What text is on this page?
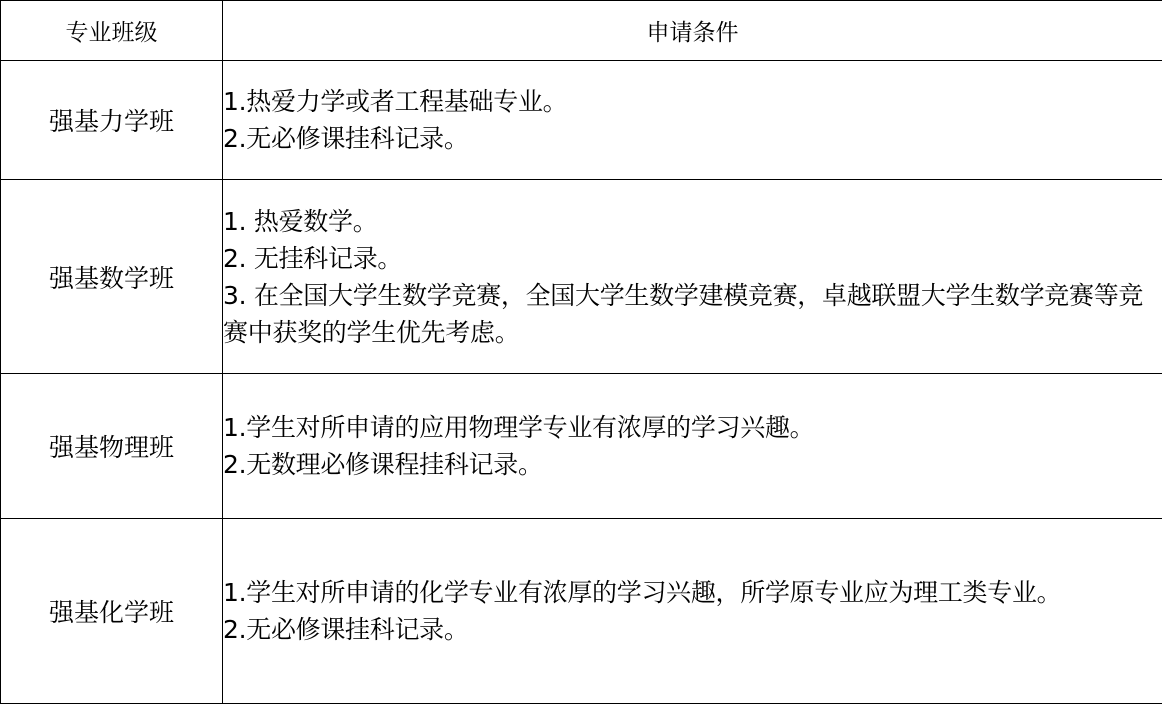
专业班级	申请条件
强基力学班	1.热爱力学或者工程基础专业。
2.无必修课挂科记录。

强基数学班	1. 热爱数学。
2. 无挂科记录。
3. 在全国大学生数学竞赛，全国大学生数学建模竞赛，卓越联盟大学生数学竞赛等竞赛中获奖的学生优先考虑。

强基物理班	1.学生对所申请的应用物理学专业有浓厚的学习兴趣。
2.无数理必修课程挂科记录。

强基化学班	1.学生对所申请的化学专业有浓厚的学习兴趣，所学原专业应为理工类专业。
2.无必修课挂科记录。
